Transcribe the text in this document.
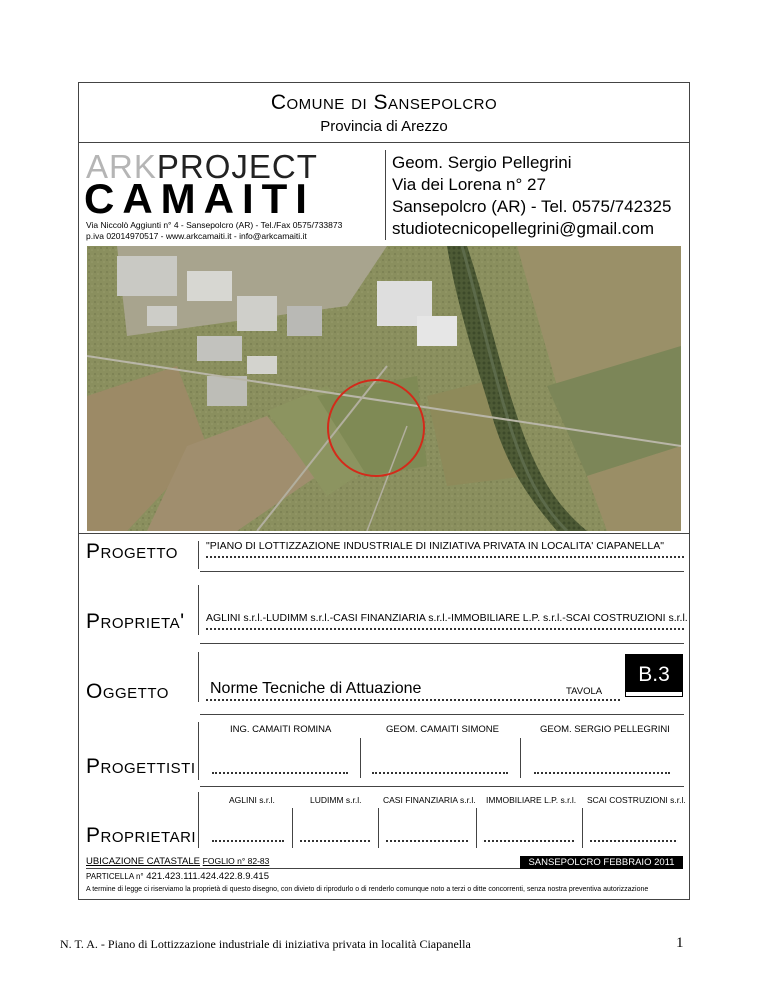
Comune di Sansepolcro
Provincia di Arezzo
ARKPROJECT
CAMAITI
Via Niccolò Aggiunti n° 4 - Sansepolcro (AR) - Tel./Fax 0575/733873
p.iva 02014970517 - www.arkcamaiti.it - info@arkcamaiti.it
Geom. Sergio Pellegrini
Via dei Lorena n° 27
Sansepolcro (AR) - Tel. 0575/742325
studiotecnicopellegrini@gmail.com
Progetto	"PIANO DI LOTTIZZAZIONE INDUSTRIALE DI INIZIATIVA PRIVATA IN LOCALITA' CIAPANELLA"
Proprieta' AGLINI s.r.l.-LUDIMM s.r.l.-CASI FINANZIARIA s.r.l.-IMMOBILIARE L.P. s.r.l.-SCAI COSTRUZIONI s.r.l.
Oggetto	Norme Tecniche di Attuazione	TAVOLA
B.3
Progettisti
ING. CAMAITI ROMINA	GEOM. CAMAITI SIMONE	GEOM. SERGIO PELLEGRINI
Proprietari
AGLINI s.r.l.	LUDIMM s.r.l.	CASI FINANZIARIA s.r.l. IMMOBILIARE L.P. s.r.l. SCAI COSTRUZIONI s.r.l.
UBICAZIONE CATASTALE FOGLIO n° 82-83	SANSEPOLCRO FEBBRAIO 2011
PARTICELLA n° 421.423.111.424.422.8.9.415
A termine di legge ci riserviamo la proprietà di questo disegno, con divieto di riprodurlo o di renderlo comunque noto a terzi o ditte concorrenti, senza nostra preventiva autorizzazione
N. T. A. - Piano di Lottizzazione industriale di iniziativa privata in località Ciapanella	1
